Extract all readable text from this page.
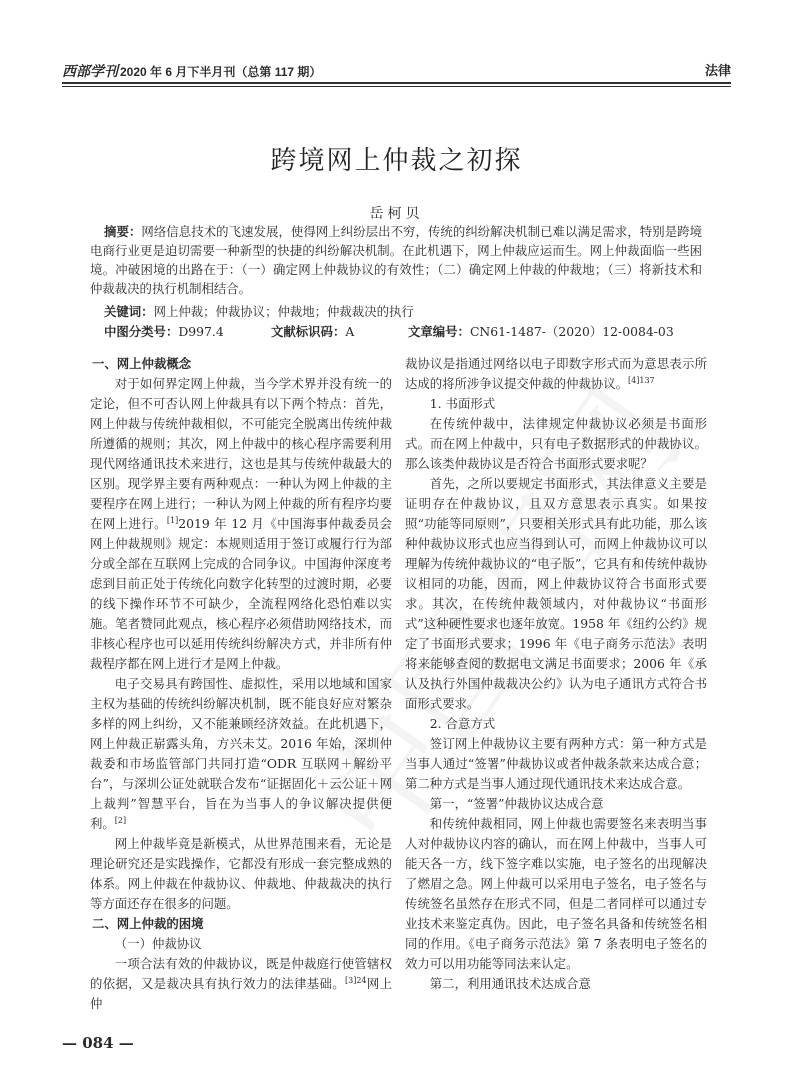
西部学刊 2020 年 6 月下半月刊（总第 117 期）	法律
跨境网上仲裁之初探
岳柯贝
摘要：网络信息技术的飞速发展，使得网上纠纷层出不穷，传统的纠纷解决机制已难以满足需求，特别是跨境电商行业更是迫切需要一种新型的快捷的纠纷解决机制。在此机遇下，网上仲裁应运而生。网上仲裁面临一些困境。冲破困境的出路在于：（一）确定网上仲裁协议的有效性；（二）确定网上仲裁的仲裁地；（三）将新技术和仲裁裁决的执行机制相结合。
关键词：网上仲裁；仲裁协议；仲裁地；仲裁裁决的执行
中图分类号：D997.4	文献标识码：A	文章编号：CN61-1487-（2020）12-0084-03

一、网上仲裁概念

对于如何界定网上仲裁，当今学术界并没有统一的定论，但不可否认网上仲裁具有以下两个特点：首先，网上仲裁与传统仲裁相似，不可能完全脱离出传统仲裁所遵循的规则；其次，网上仲裁中的核心程序需要利用现代网络通讯技术来进行，这也是其与传统仲裁最大的区别。现学界主要有两种观点：一种认为网上仲裁的主要程序在网上进行；一种认为网上仲裁的所有程序均要在网上进行。[1]2019 年 12 月《中国海事仲裁委员会网上仲裁规则》规定：本规则适用于签订或履行行为部分或全部在互联网上完成的合同争议。中国海仲深度考虑到目前正处于传统化向数字化转型的过渡时期，必要的线下操作环节不可缺少，全流程网络化恐怕难以实施。笔者赞同此观点，核心程序必须借助网络技术，而非核心程序也可以延用传统纠纷解决方式，并非所有仲裁程序都在网上进行才是网上仲裁。

电子交易具有跨国性、虚拟性，采用以地域和国家主权为基础的传统纠纷解决机制，既不能良好应对繁杂多样的网上纠纷，又不能兼顾经济效益。在此机遇下，网上仲裁正崭露头角，方兴未艾。2016 年始，深圳仲裁委和市场监管部门共同打造“ODR 互联网＋解纷平台”，与深圳公证处就联合发布“证据固化＋云公证＋网上裁判”智慧平台，旨在为当事人的争议解决提供便利。[2]

网上仲裁毕竟是新模式，从世界范围来看，无论是理论研究还是实践操作，它都没有形成一套完整成熟的体系。网上仲裁在仲裁协议、仲裁地、仲裁裁决的执行等方面还存在很多的问题。

二、网上仲裁的困境

（一）仲裁协议

一项合法有效的仲裁协议，既是仲裁庭行使管辖权的依据，又是裁决具有执行效力的法律基础。$^{[3]24}$网上仲

裁协议是指通过网络以电子即数字形式而为意思表示所达成的将所涉争议提交仲裁的仲裁协议。$^{[4]137}$

1. 书面形式

在传统仲裁中，法律规定仲裁协议必须是书面形式。而在网上仲裁中，只有电子数据形式的仲裁协议。那么该类仲裁协议是否符合书面形式要求呢？

首先，之所以要规定书面形式，其法律意义主要是证明存在仲裁协议，且双方意思表示真实。如果按照“功能等同原则”，只要相关形式具有此功能，那么该种仲裁协议形式也应当得到认可，而网上仲裁协议可以理解为传统仲裁协议的“电子版”，它具有和传统仲裁协议相同的功能，因而，网上仲裁协议符合书面形式要求。其次，在传统仲裁领域内，对仲裁协议“书面形式”这种硬性要求也逐年放宽。1958 年《纽约公约》规定了书面形式要求；1996 年《电子商务示范法》表明将来能够查阅的数据电文满足书面要求；2006 年《承认及执行外国仲裁裁决公约》认为电子通讯方式符合书面形式要求。

2. 合意方式

签订网上仲裁协议主要有两种方式：第一种方式是当事人通过“签署”仲裁协议或者仲裁条款来达成合意；第二种方式是当事人通过现代通讯技术来达成合意。

第一，“签署”仲裁协议达成合意

和传统仲裁相同，网上仲裁也需要签名来表明当事人对仲裁协议内容的确认，而在网上仲裁中，当事人可能天各一方，线下签字难以实施，电子签名的出现解决了燃眉之急。网上仲裁可以采用电子签名，电子签名与传统签名虽然存在形式不同，但是二者同样可以通过专业技术来鉴定真伪。因此，电子签名具备和传统签名相同的作用。《电子商务示范法》第 7 条表明电子签名的效力可以用功能等同法来认定。

第二，利用通讯技术达成合意

— 084 —
